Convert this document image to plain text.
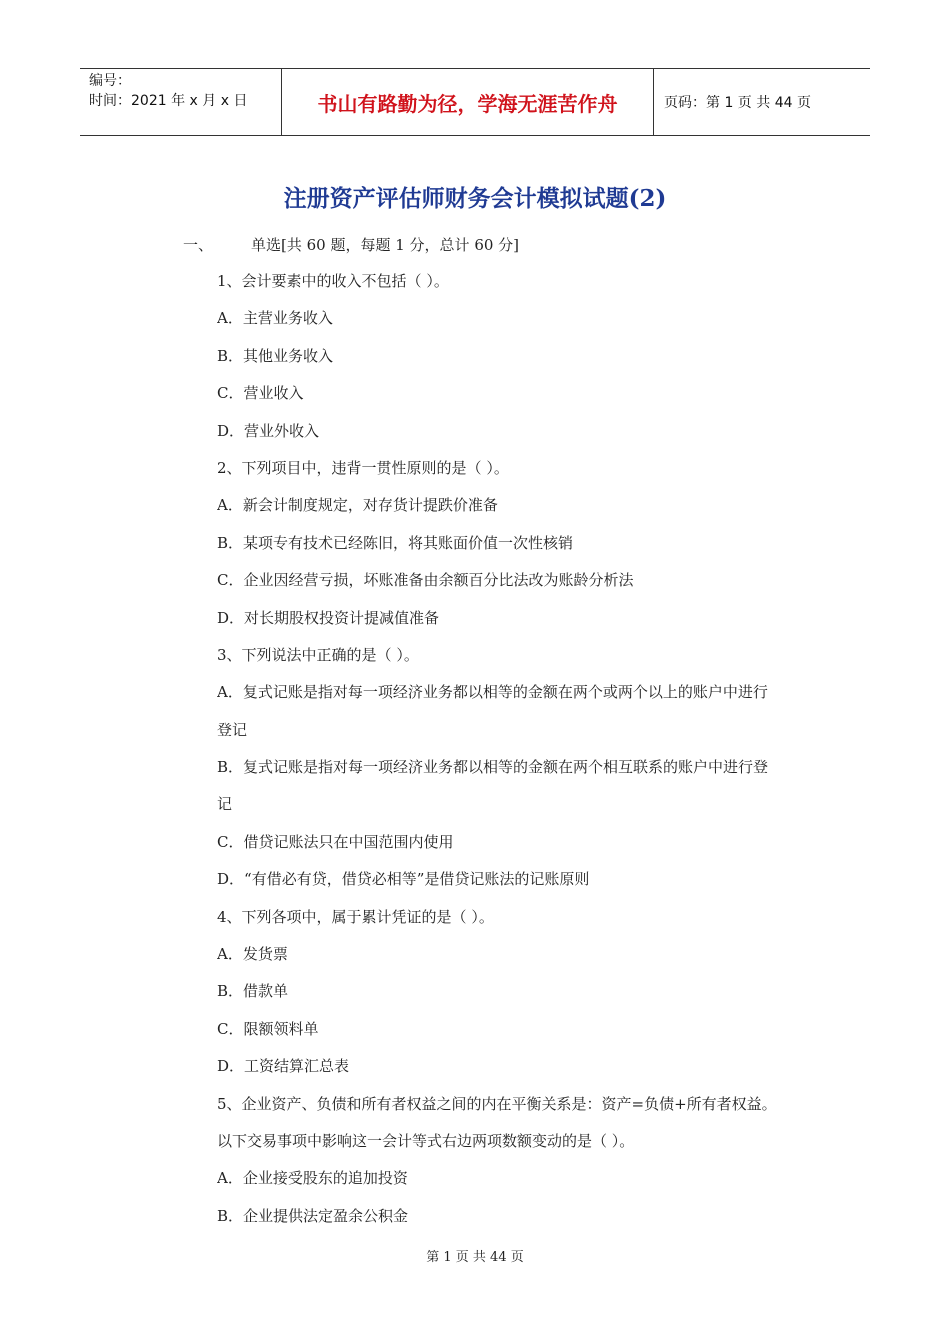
编号：
时间：2021 年 x 月 x 日	书山有路勤为径，学海无涯苦作舟	页码：第 1 页 共 44 页
注册资产评估师财务会计模拟试题(2)
一、	单选[共 60 题，每题 1 分，总计 60 分]
1、会计要素中的收入不包括（ ）。
A．主营业务收入
B．其他业务收入
C．营业收入
D．营业外收入
2、下列项目中，违背一贯性原则的是（ ）。
A．新会计制度规定，对存货计提跌价准备
B．某项专有技术已经陈旧，将其账面价值一次性核销
C．企业因经营亏损，坏账准备由余额百分比法改为账龄分析法
D．对长期股权投资计提减值准备
3、下列说法中正确的是（ ）。
A．复式记账是指对每一项经济业务都以相等的金额在两个或两个以上的账户中进行
登记
B．复式记账是指对每一项经济业务都以相等的金额在两个相互联系的账户中进行登
记
C．借贷记账法只在中国范围内使用
D．“有借必有贷，借贷必相等”是借贷记账法的记账原则
4、下列各项中，属于累计凭证的是（ ）。
A．发货票
B．借款单
C．限额领料单
D．工资结算汇总表
5、企业资产、负债和所有者权益之间的内在平衡关系是：资产=负债+所有者权益。
以下交易事项中影响这一会计等式右边两项数额变动的是（ ）。
A．企业接受股东的追加投资
B．企业提供法定盈余公积金
第 1 页 共 44 页
